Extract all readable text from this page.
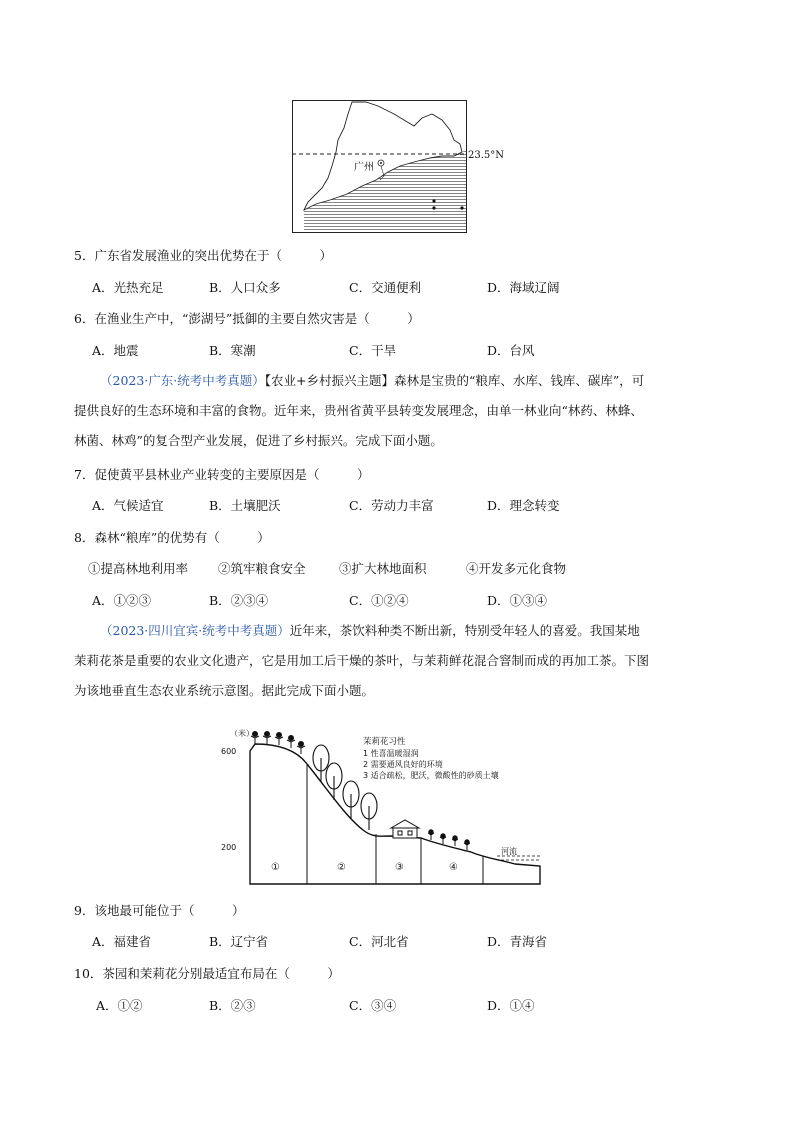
广州
23.5°N
5．广东省发展渔业的突出优势在于（　　　）
A．光热充足	B．人口众多	C．交通便利	D．海域辽阔
6．在渔业生产中，“澎湖号”抵御的主要自然灾害是（　　　）
A．地震	B．寒潮	C．干旱	D．台风
（2023·广东·统考中考真题）【农业+乡村振兴主题】森林是宝贵的“粮库、水库、钱库、碳库”，可
提供良好的生态环境和丰富的食物。近年来，贵州省黄平县转变发展理念，由单一林业向“林药、林蜂、
林菌、林鸡”的复合型产业发展，促进了乡村振兴。完成下面小题。
7．促使黄平县林业产业转变的主要原因是（　　　）
A．气候适宜	B．土壤肥沃	C．劳动力丰富	D．理念转变
8．森林“粮库”的优势有（　　　）
①提高林地利用率 ②筑牢粮食安全	③扩大林地面积	④开发多元化食物
A．①②③	B．②③④	C．①②④	D．①③④
（2023·四川宜宾·统考中考真题）近年来，茶饮料种类不断出新，特别受年轻人的喜爱。我国某地
茉莉花茶是重要的农业文化遗产，它是用加工后干燥的茶叶，与茉莉鲜花混合窨制而成的再加工茶。下图
为该地垂直生态农业系统示意图。据此完成下面小题。
（米）
600
200
茉莉花习性
1 性喜温暖湿润
2 需要通风良好的环境
3 适合疏松，肥沃，微酸性的砂质土壤
①	②	③	④
河流
9．该地最可能位于（　　　）
A．福建省	B．辽宁省	C．河北省	D．青海省
10．茶园和茉莉花分别最适宜布局在（　　　）
A．①②	B．②③	C．③④	D．①④
